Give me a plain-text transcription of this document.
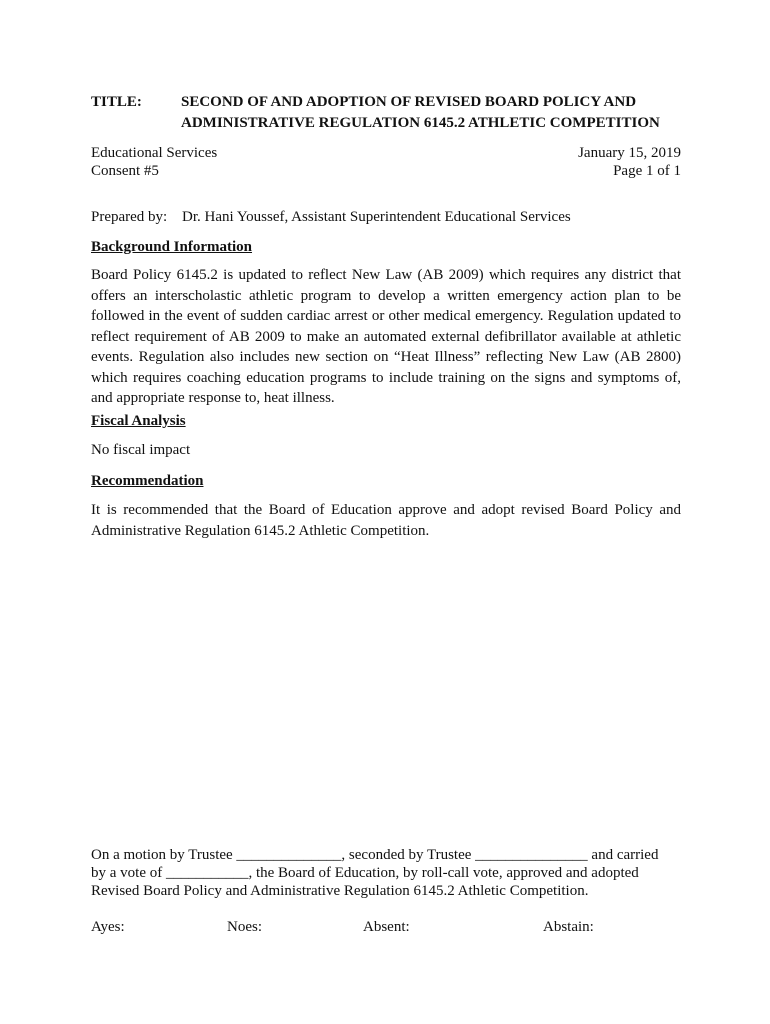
TITLE:	SECOND OF AND ADOPTION OF REVISED BOARD POLICY AND
ADMINISTRATIVE REGULATION 6145.2 ATHLETIC COMPETITION
Educational Services	January 15, 2019
Consent #5	Page 1 of 1
Prepared by: Dr. Hani Youssef, Assistant Superintendent Educational Services
Background Information
Board Policy 6145.2 is updated to reflect New Law (AB 2009) which requires any district that offers an interscholastic athletic program to develop a written emergency action plan to be followed in the event of sudden cardiac arrest or other medical emergency. Regulation updated to reflect requirement of AB 2009 to make an automated external defibrillator available at athletic events. Regulation also includes new section on “Heat Illness” reflecting New Law (AB 2800) which requires coaching education programs to include training on the signs and symptoms of, and appropriate response to, heat illness.
Fiscal Analysis
No fiscal impact
Recommendation
It is recommended that the Board of Education approve and adopt revised Board Policy and Administrative Regulation 6145.2 Athletic Competition.
On a motion by Trustee ______________, seconded by Trustee _______________ and carried
by a vote of ___________, the Board of Education, by roll-call vote, approved and adopted
Revised Board Policy and Administrative Regulation 6145.2 Athletic Competition.
Ayes:	Noes:	Absent:	Abstain:
